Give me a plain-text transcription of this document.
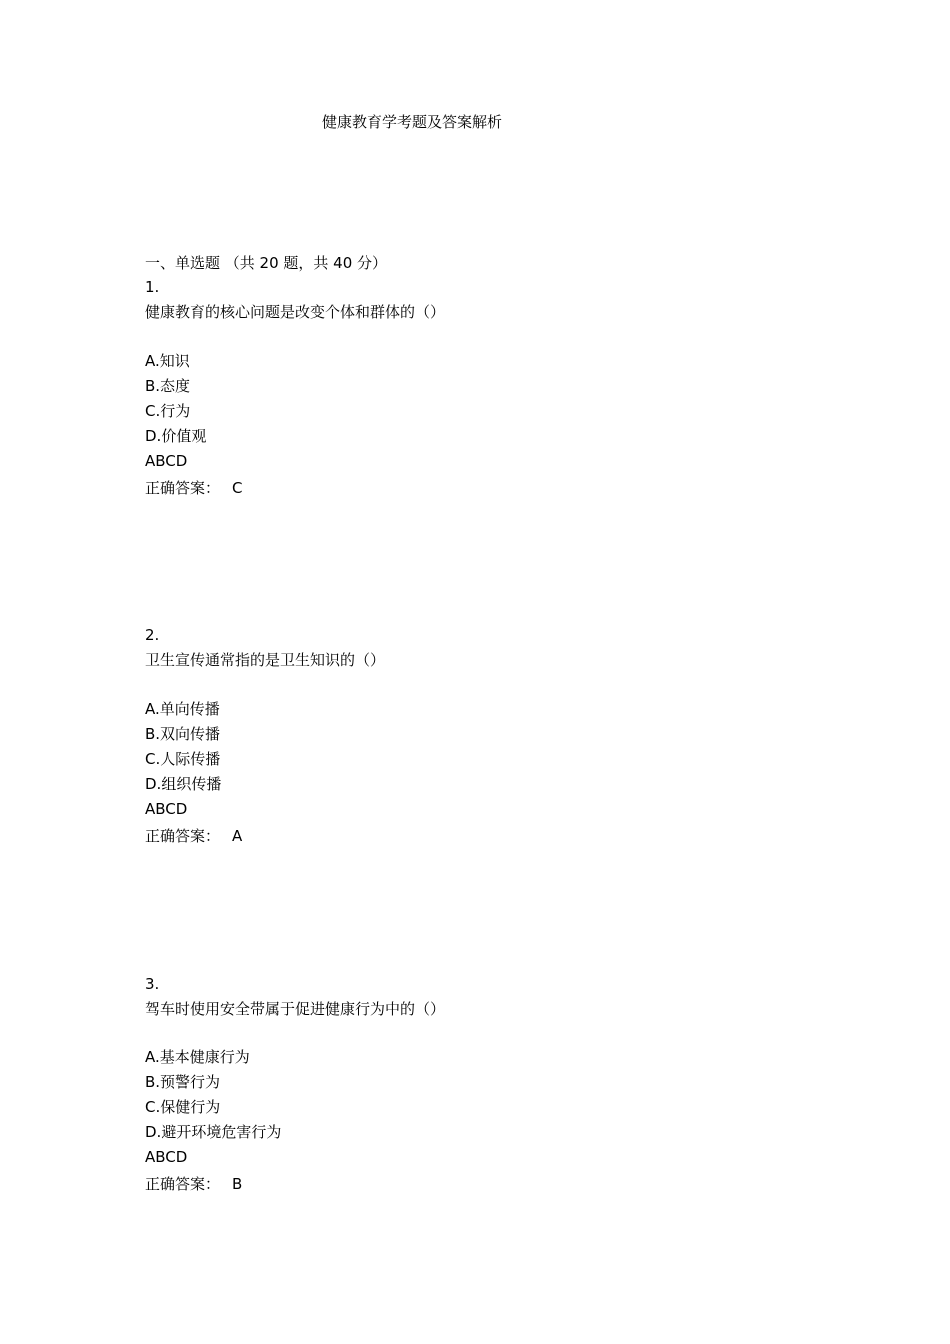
健康教育学考题及答案解析
一、单选题 （共 20 题，共 40 分）
1.
健康教育的核心问题是改变个体和群体的（）
A.知识
B.态度
C.行为
D.价值观
ABCD
正确答案： C
2.
卫生宣传通常指的是卫生知识的（）
A.单向传播
B.双向传播
C.人际传播
D.组织传播
ABCD
正确答案： A
3.
驾车时使用安全带属于促进健康行为中的（）
A.基本健康行为
B.预警行为
C.保健行为
D.避开环境危害行为
ABCD
正确答案： B
